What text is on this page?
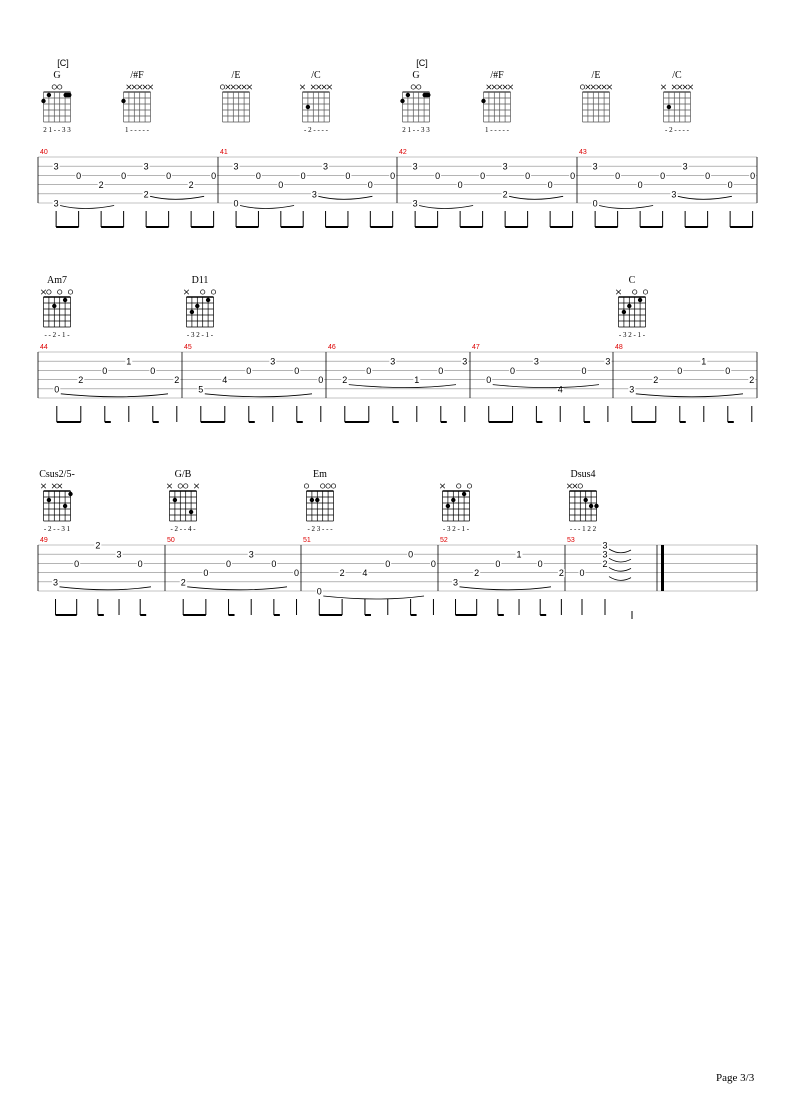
[C]
G
2 1 - - 3 3
/#F
1 - - - - -
/E	/C
- 2 - - - -
[C]
G
2 1 - - 3 3
/#F
1 - - - - -
/E	/C
- 2 - - - -
40
3
0
2
0
3
0
2
0
3
2
41
3
0
0
0
3
0
0
0
0
3
42
3
0
0
0
3
0
0
0
3
2
43
3
0
0
0
3
0
0
0
0
3
Am7
- - 2 - 1 -
D11
- 3 2 - 1 -
C
- 3 2 - 1 -
44
0
2
0
1
0
2
45
5
4
0
3
0
0
46
2
0
3
1
0
3
47
0
0
3
4
0
3
48
3
2
0
1
0
2
Csus2/5-
- 2 - - 3 1
G/B
- 2 - - 4 -
Em
- 2 3 - - -	- 3 2 - 1 -
Dsus4
- - - 1 2 2
49
3
0
2
3
0
50
2
0
0
3
0
0
51
0
2 4
0
0
0
52
3
2
0
1
0
2
53
0
3
3
2
Page 3/3
